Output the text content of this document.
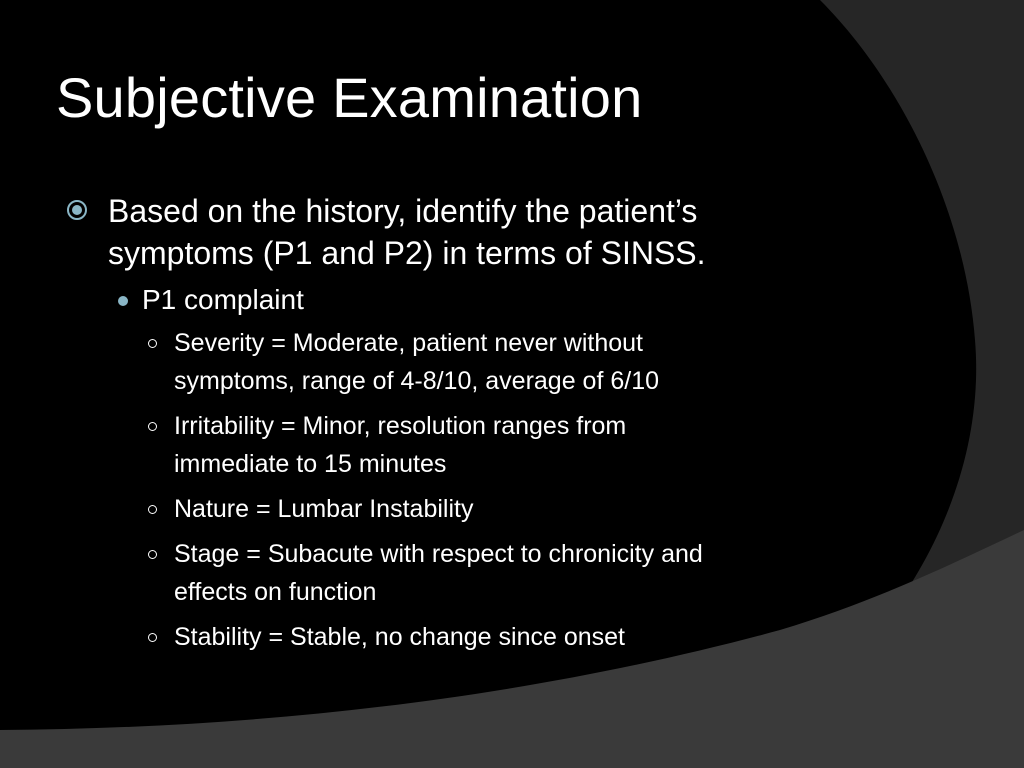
Subjective Examination
Based on the history, identify the patient’s
symptoms (P1 and P2) in terms of SINSS.
P1 complaint
Severity = Moderate, patient never without
symptoms, range of 4-8/10, average of 6/10
Irritability = Minor, resolution ranges from
immediate to 15 minutes
Nature = Lumbar Instability
Stage = Subacute with respect to chronicity and
effects on function
Stability = Stable, no change since onset
